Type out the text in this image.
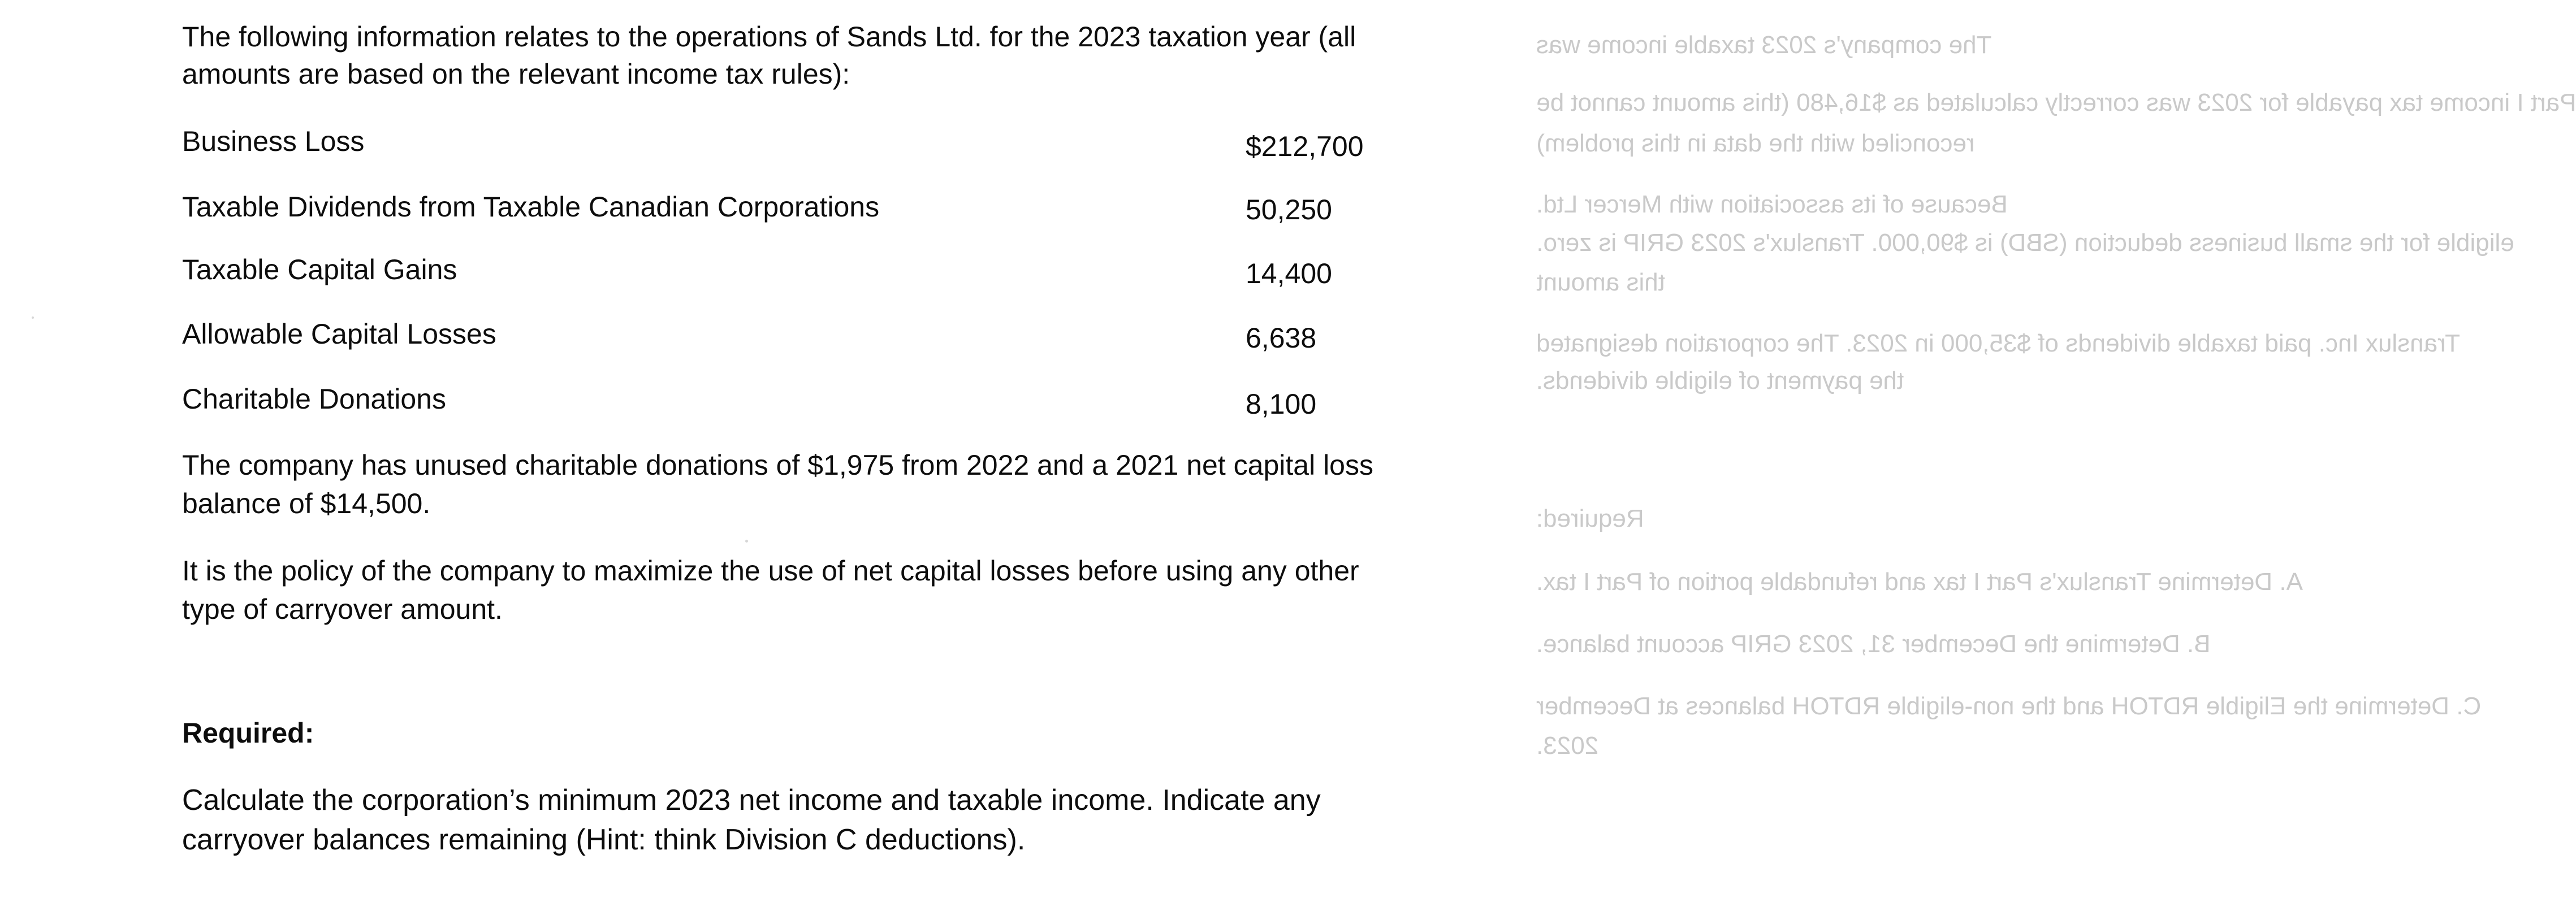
The company's 2023 taxable income was
Part I income tax payable for 2023 was correctly calculated as $16,480 (this amount cannot be
reconciled with the data in this problem)
Because of its association with Mercer Ltd.
eligible for the small business deduction (SBD) is $90,000. Translux's 2023 GRIP is zero.
this amount
Translux Inc. paid taxable dividends of $35,000 in 2023. The corporation designated
the payment of eligible dividends.
Required:
A. Determine Translux's Part I tax and refundable portion of Part I tax.
B. Determine the December 31, 2023 GRIP account balance.
C. Determine the Eligible RDTOH and the non-eligible RDTOH balances at December
2023.

The following information relates to the operations of Sands Ltd. for the 2023 taxation year (all

amounts are based on the relevant income tax rules):

Business Loss	$212,700

Taxable Dividends from Taxable Canadian Corporations	50,250

Taxable Capital Gains	14,400

Allowable Capital Losses	6,638

Charitable Donations	8,100

The company has unused charitable donations of $1,975 from 2022 and a 2021 net capital loss

balance of $14,500.

It is the policy of the company to maximize the use of net capital losses before using any other

type of carryover amount.

Required:

Calculate the corporation’s minimum 2023 net income and taxable income. Indicate any

carryover balances remaining (Hint: think Division C deductions).
